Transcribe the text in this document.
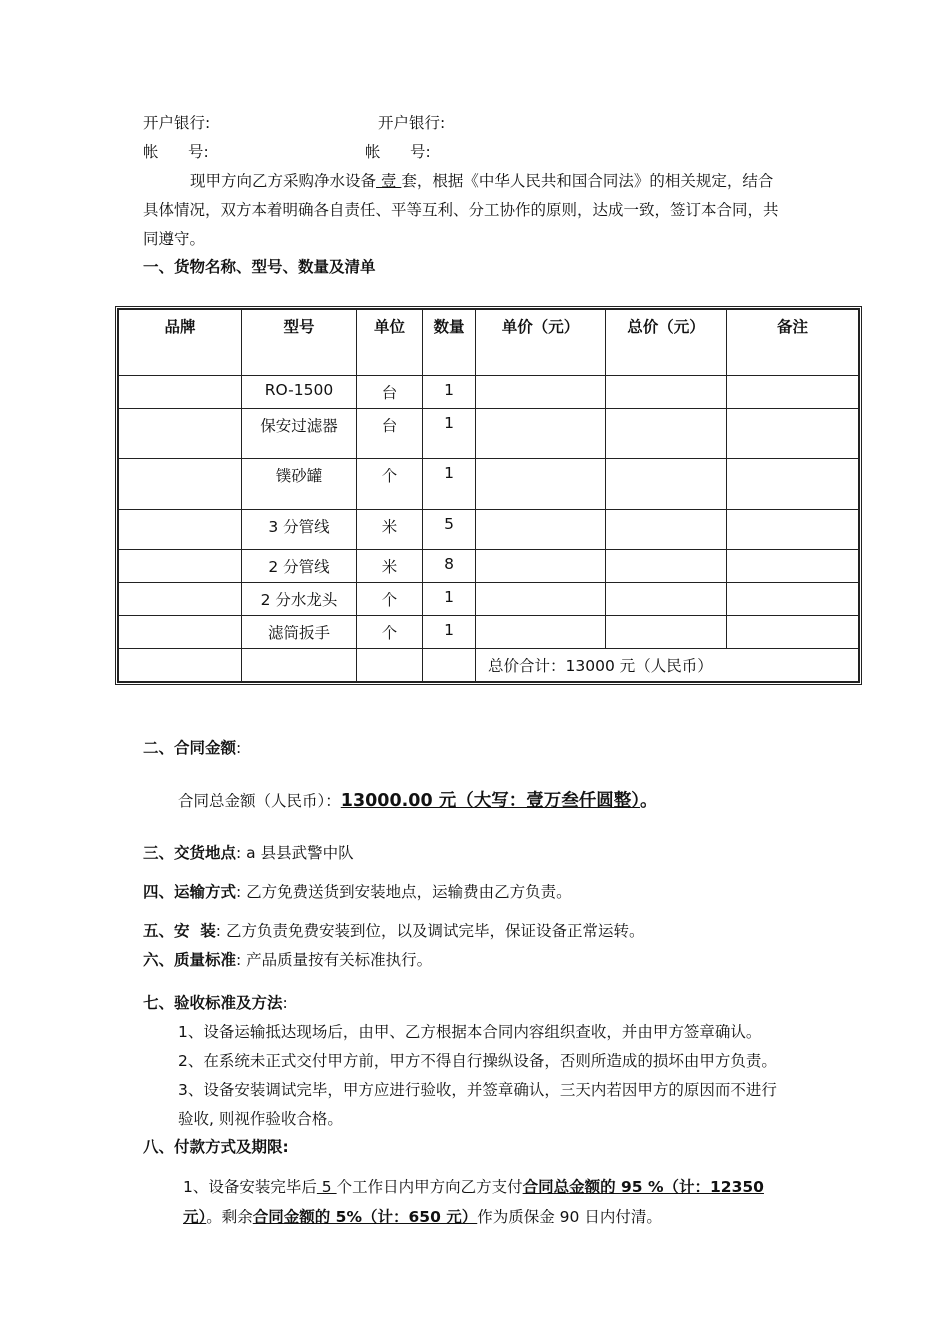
开户银行:	开户银行:
帐      号:	帐      号:
现甲方向乙方采购净水设备 壹 套，根据《中华人民共和国合同法》的相关规定，结合
具体情况，双方本着明确各自责任、平等互利、分工协作的原则，达成一致，签订本合同，共
同遵守。
一、货物名称、型号、数量及清单
品牌	型号	单位	数量	单价（元）	总价（元）	备注
	RO-1500	台	1			
	保安过滤器	台	1			
	镤砂罐	个	1			
	3 分管线	米	5			
	2 分管线	米	8			
	2 分水龙头	个	1			
	滤筒扳手	个	1			
				总价合计：13000 元（人民币）		
二、合同金额:
合同总金额（人民币）：13000.00 元（大写：壹万叁仟圆整）。
三、交货地点: a 县县武警中队
四、运输方式: 乙方免费送货到安装地点，运输费由乙方负责。
五、安  装: 乙方负责免费安装到位，以及调试完毕，保证设备正常运转。
六、质量标准: 产品质量按有关标准执行。
七、验收标准及方法:
1、设备运输抵达现场后，由甲、乙方根据本合同内容组织查收，并由甲方签章确认。
2、在系统未正式交付甲方前，甲方不得自行操纵设备，否则所造成的损坏由甲方负责。
3、设备安装调试完毕，甲方应进行验收，并签章确认，三天内若因甲方的原因而不进行
验收, 则视作验收合格。
八、付款方式及期限:
1、设备安装完毕后 5 个工作日内甲方向乙方支付合同总金额的 95 %（计：12350
元）。剩余合同金额的 5%（计：650 元）作为质保金 90 日内付清。
